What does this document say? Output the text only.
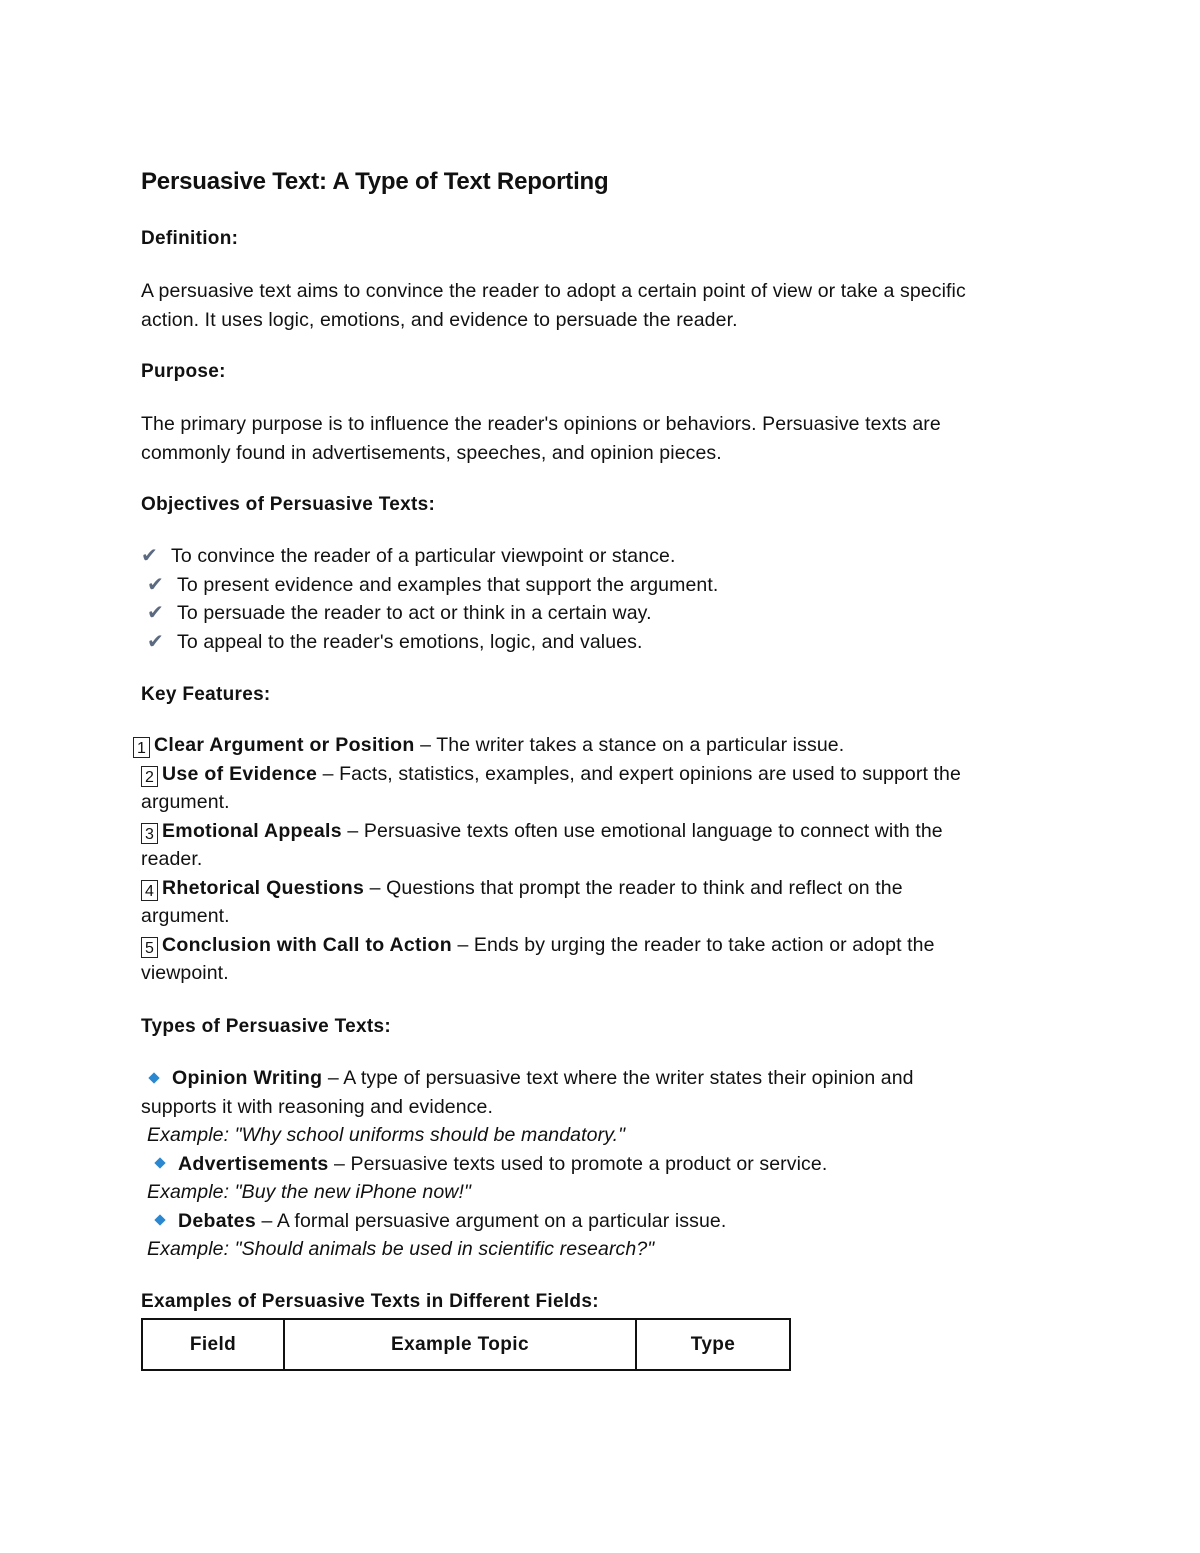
Persuasive Text: A Type of Text Reporting
Definition:
A persuasive text aims to convince the reader to adopt a certain point of view or take a specific
action. It uses logic, emotions, and evidence to persuade the reader.
Purpose:
The primary purpose is to influence the reader's opinions or behaviors. Persuasive texts are
commonly found in advertisements, speeches, and opinion pieces.
Objectives of Persuasive Texts:
✔ To convince the reader of a particular viewpoint or stance.
✔ To present evidence and examples that support the argument.
✔ To persuade the reader to act or think in a certain way.
✔ To appeal to the reader's emotions, logic, and values.
Key Features:
1 Clear Argument or Position – The writer takes a stance on a particular issue.
2 Use of Evidence – Facts, statistics, examples, and expert opinions are used to support the
argument.
3 Emotional Appeals – Persuasive texts often use emotional language to connect with the
reader.
4 Rhetorical Questions – Questions that prompt the reader to think and reflect on the
argument.
5 Conclusion with Call to Action – Ends by urging the reader to take action or adopt the
viewpoint.
Types of Persuasive Texts:
Opinion Writing – A type of persuasive text where the writer states their opinion and
supports it with reasoning and evidence.
Example: "Why school uniforms should be mandatory."
Advertisements – Persuasive texts used to promote a product or service.
Example: "Buy the new iPhone now!"
Debates – A formal persuasive argument on a particular issue.
Example: "Should animals be used in scientific research?"
Examples of Persuasive Texts in Different Fields:
Field	Example Topic	Type
